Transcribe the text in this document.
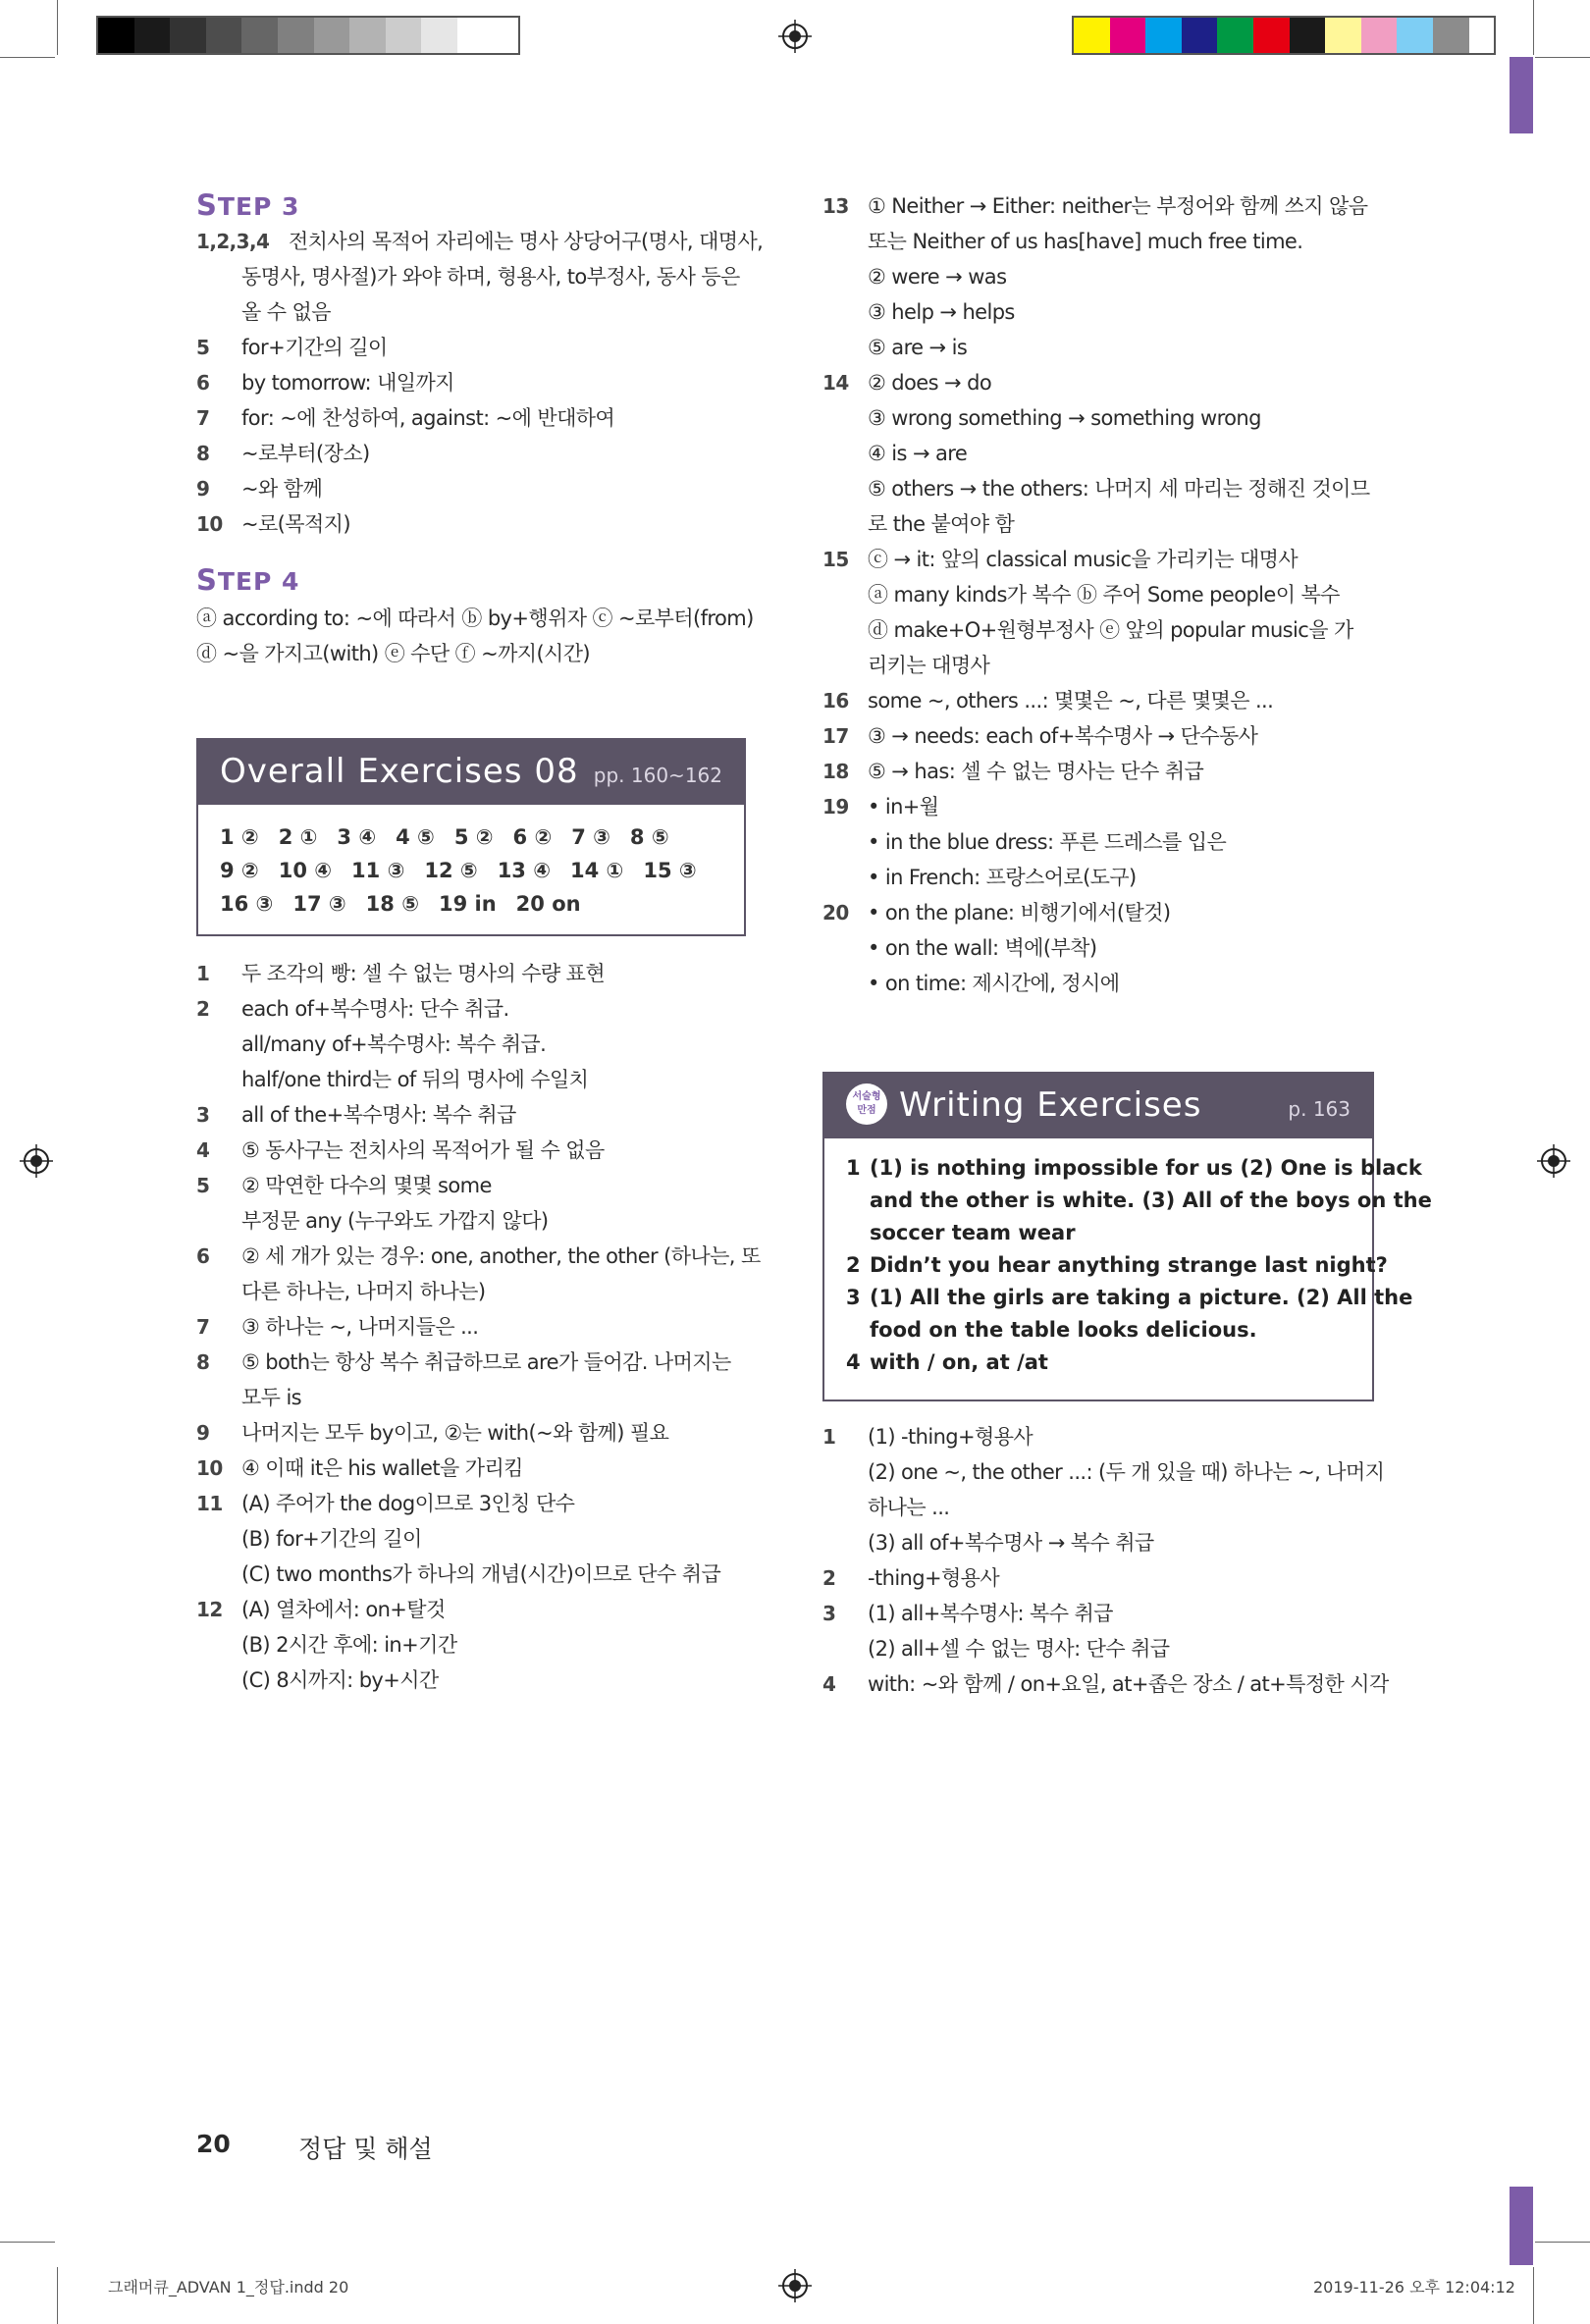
STEP 3
1,2,3,4 전치사의 목적어 자리에는 명사 상당어구(명사, 대명사,
동명사, 명사절)가 와야 하며, 형용사, to부정사, 동사 등은
올 수 없음
5 for+기간의 길이
6 by tomorrow: 내일까지
7 for: ~에 찬성하여, against: ~에 반대하여
8 ~로부터(장소)
9 ~와 함께
10 ~로(목적지)
STEP 4
ⓐ according to: ~에 따라서 ⓑ by+행위자 ⓒ ~로부터(from)
ⓓ ~을 가지고(with) ⓔ 수단 ⓕ ~까지(시간)
Overall Exercises 08 pp. 160~162
1 ② 2 ① 3 ④ 4 ⑤ 5 ② 6 ② 7 ③ 8 ⑤
9 ② 10 ④ 11 ③ 12 ⑤ 13 ④ 14 ① 15 ③
16 ③ 17 ③ 18 ⑤ 19 in 20 on
1 두 조각의 빵: 셀 수 없는 명사의 수량 표현
2 each of+복수명사: 단수 취급.
all/many of+복수명사: 복수 취급.
half/one third는 of 뒤의 명사에 수일치
3 all of the+복수명사: 복수 취급
4 ⑤ 동사구는 전치사의 목적어가 될 수 없음
5 ② 막연한 다수의 몇몇 some
부정문 any (누구와도 가깝지 않다)
6 ② 세 개가 있는 경우: one, another, the other (하나는, 또
다른 하나는, 나머지 하나는)
7 ③ 하나는 ~, 나머지들은 ...
8 ⑤ both는 항상 복수 취급하므로 are가 들어감. 나머지는
모두 is
9 나머지는 모두 by이고, ②는 with(~와 함께) 필요
10 ④ 이때 it은 his wallet을 가리킴
11 (A) 주어가 the dog이므로 3인칭 단수
(B) for+기간의 길이
(C) two months가 하나의 개념(시간)이므로 단수 취급
12 (A) 열차에서: on+탈것
(B) 2시간 후에: in+기간
(C) 8시까지: by+시간
13 ① Neither → Either: neither는 부정어와 함께 쓰지 않음
또는 Neither of us has[have] much free time.
② were → was
③ help → helps
⑤ are → is
14 ② does → do
③ wrong something → something wrong
④ is → are
⑤ others → the others: 나머지 세 마리는 정해진 것이므
로 the 붙여야 함
15 ⓒ → it: 앞의 classical music을 가리키는 대명사
ⓐ many kinds가 복수 ⓑ 주어 Some people이 복수
ⓓ make+O+원형부정사 ⓔ 앞의 popular music을 가
리키는 대명사
16 some ~, others ...: 몇몇은 ~, 다른 몇몇은 ...
17 ③ → needs: each of+복수명사 → 단수동사
18 ⑤ → has: 셀 수 없는 명사는 단수 취급
19 • in+월
• in the blue dress: 푸른 드레스를 입은
• in French: 프랑스어로(도구)
20 • on the plane: 비행기에서(탈것)
• on the wall: 벽에(부착)
• on time: 제시간에, 정시에
서술형 만점 Writing Exercises	p. 163
1 (1) is nothing impossible for us (2) One is black
and the other is white. (3) All of the boys on the
soccer team wear
2 Didn’t you hear anything strange last night?
3 (1) All the girls are taking a picture. (2) All the
food on the table looks delicious.
4 with / on, at /at
1 (1) -thing+형용사
(2) one ~, the other ...: (두 개 있을 때) 하나는 ~, 나머지
하나는 ...
(3) all of+복수명사 → 복수 취급
2 -thing+형용사
3 (1) all+복수명사: 복수 취급
(2) all+셀 수 없는 명사: 단수 취급
4 with: ~와 함께 / on+요일, at+좁은 장소 / at+특정한 시각
20	정답 및 해설
그래머큐_ADVAN 1_정답.indd 20	2019-11-26 오후 12:04:12
